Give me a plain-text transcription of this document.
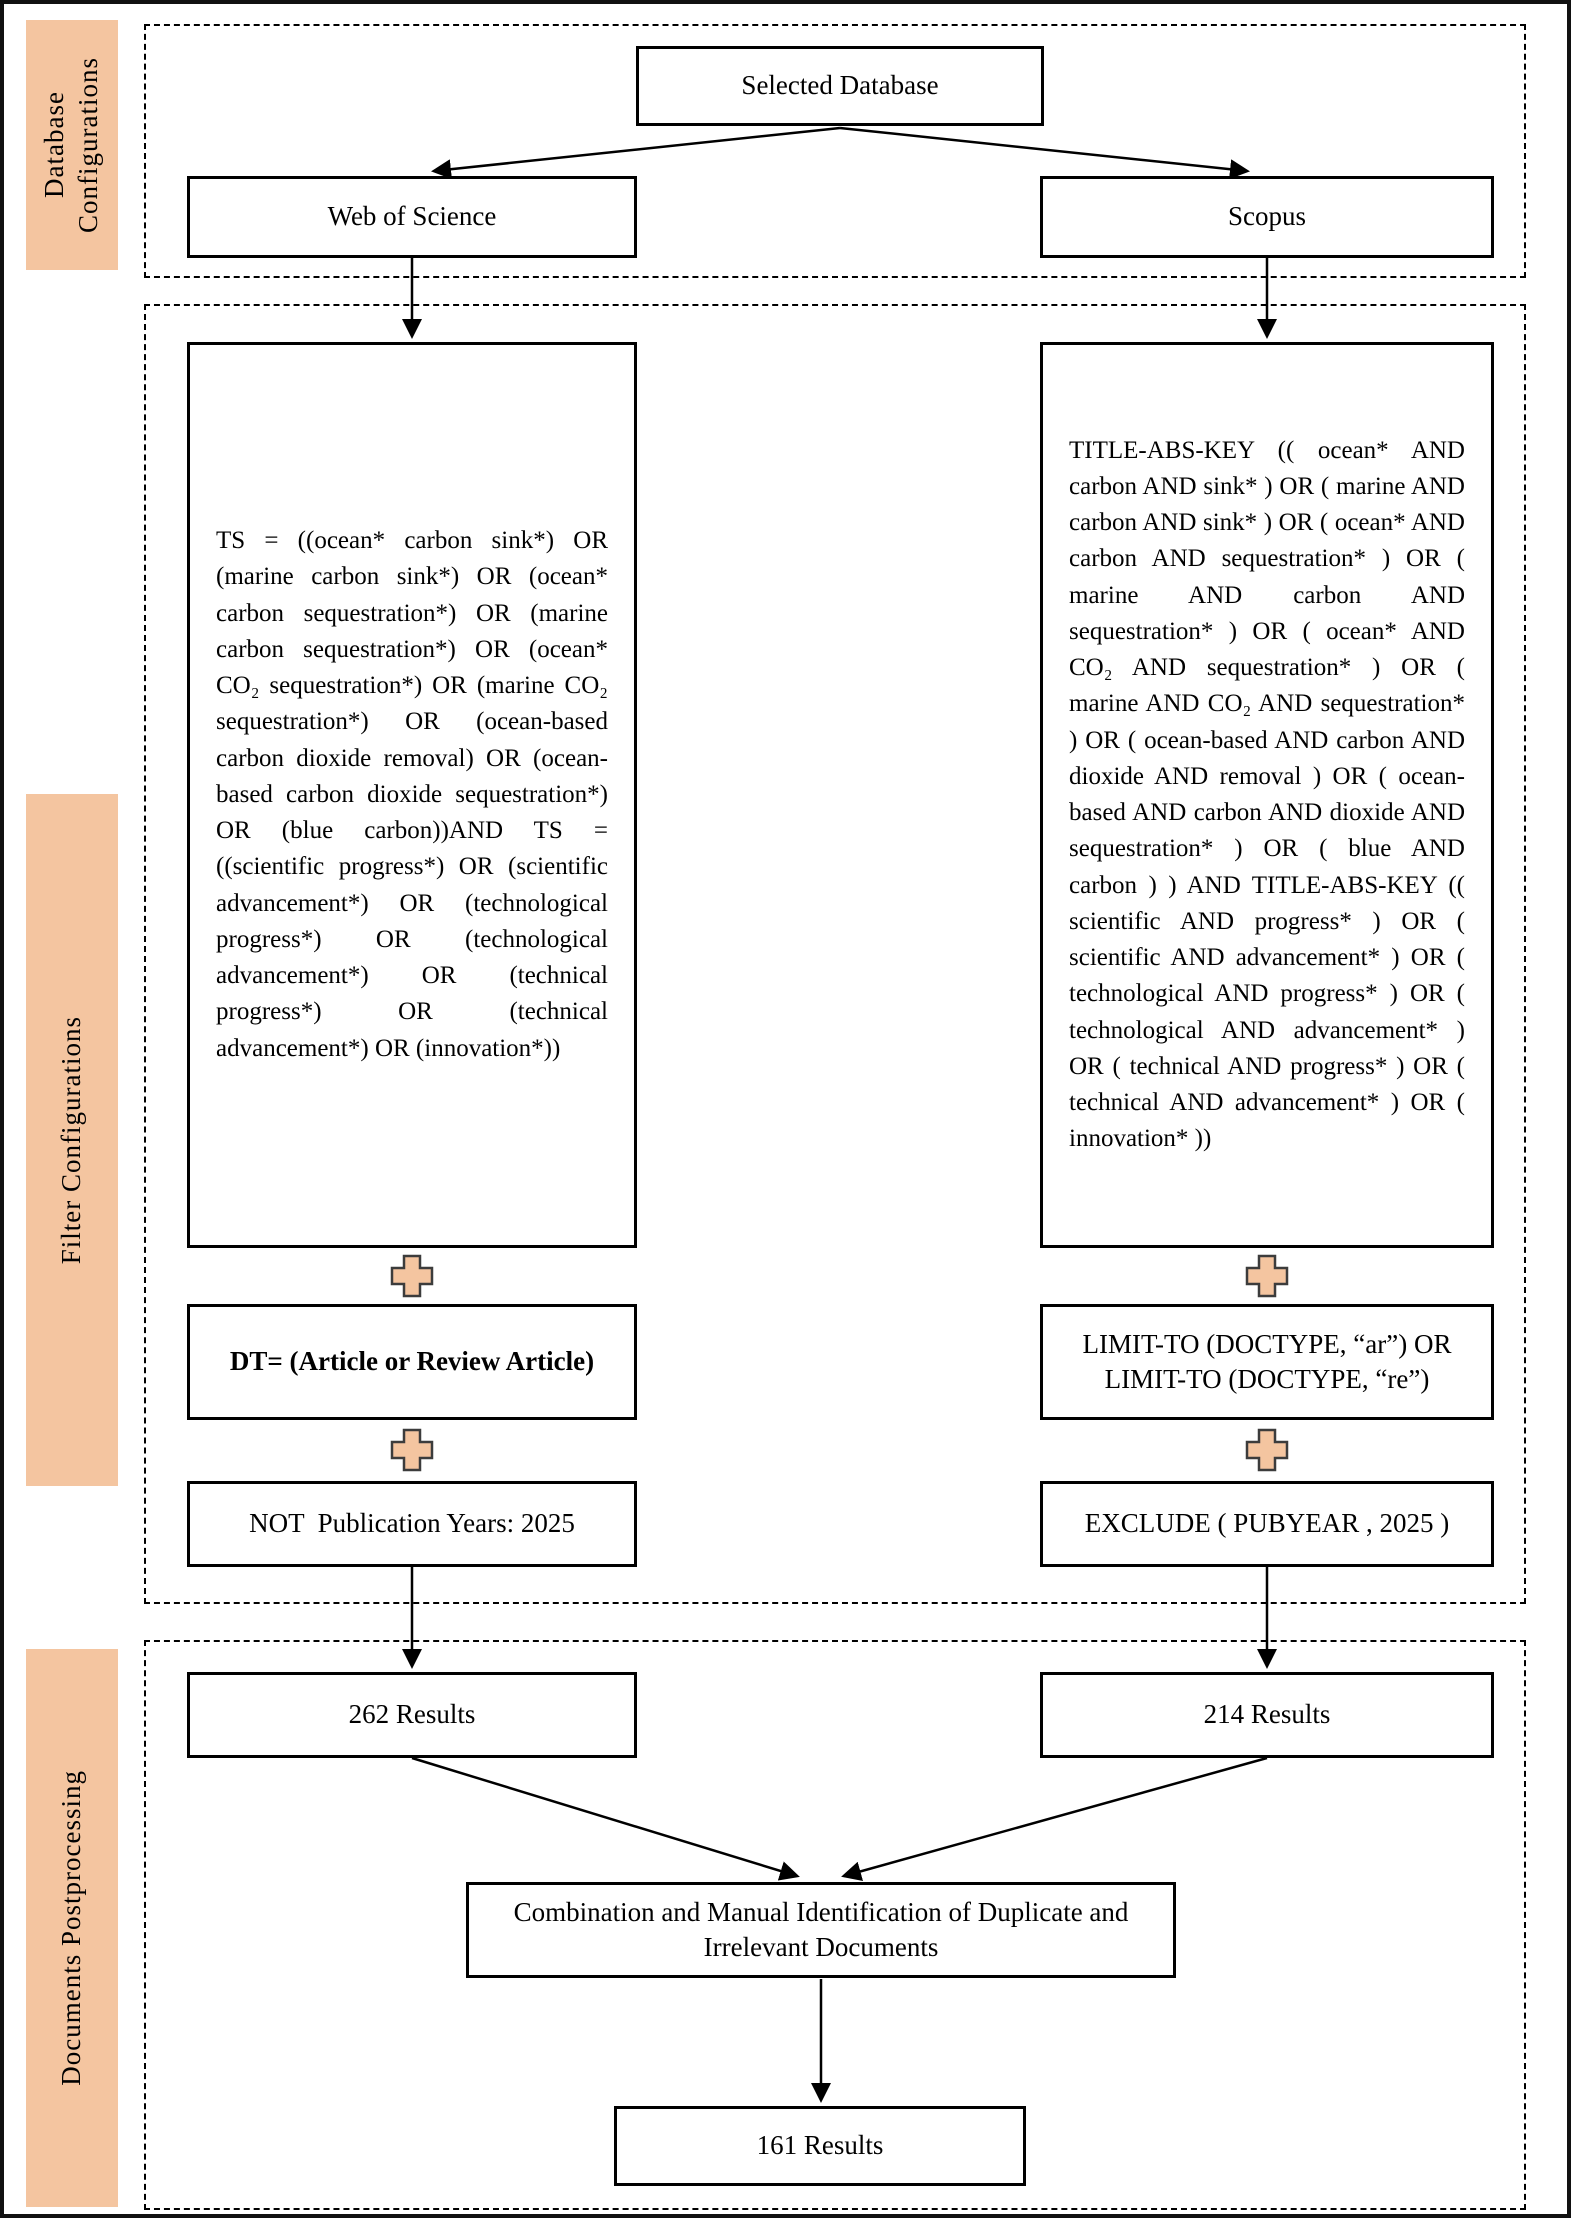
Database Configurations
Filter Configurations
Documents Postprocessing
Selected Database
Web of Science	Scopus
TS = ((ocean* carbon sink*) OR (marine carbon sink*) OR (ocean* carbon sequestration*) OR (marine carbon sequestration*) OR (ocean* CO₂ sequestration*) OR (marine CO₂ sequestration*) OR (ocean-based carbon dioxide removal) OR (ocean-based carbon dioxide sequestration*) OR (blue carbon))AND TS = ((scientific progress*) OR (scientific advancement*) OR (technological progress*) OR (technological advancement*) OR (technical progress*) OR (technical advancement*) OR (innovation*))
TITLE-ABS-KEY (( ocean* AND carbon AND sink* ) OR ( marine AND carbon AND sink* ) OR ( ocean* AND carbon AND sequestration* ) OR ( marine AND carbon AND sequestration* ) OR ( ocean* AND CO₂ AND sequestration* ) OR ( marine AND CO₂ AND sequestration* ) OR ( ocean-based AND carbon AND dioxide AND removal ) OR ( ocean-based AND carbon AND dioxide AND sequestration* ) OR ( blue AND carbon ) ) AND TITLE-ABS-KEY (( scientific AND progress* ) OR ( scientific AND advancement* ) OR ( technological AND progress* ) OR ( technological AND advancement* ) OR ( technical AND progress* ) OR ( technical AND advancement* ) OR ( innovation* ))
DT= (Article or Review Article)
LIMIT-TO (DOCTYPE, “ar”) OR LIMIT-TO (DOCTYPE, “re”)
NOT  Publication Years: 2025	EXCLUDE ( PUBYEAR , 2025 )
262 Results	214 Results
Combination and Manual Identification of Duplicate and Irrelevant Documents
161 Results
